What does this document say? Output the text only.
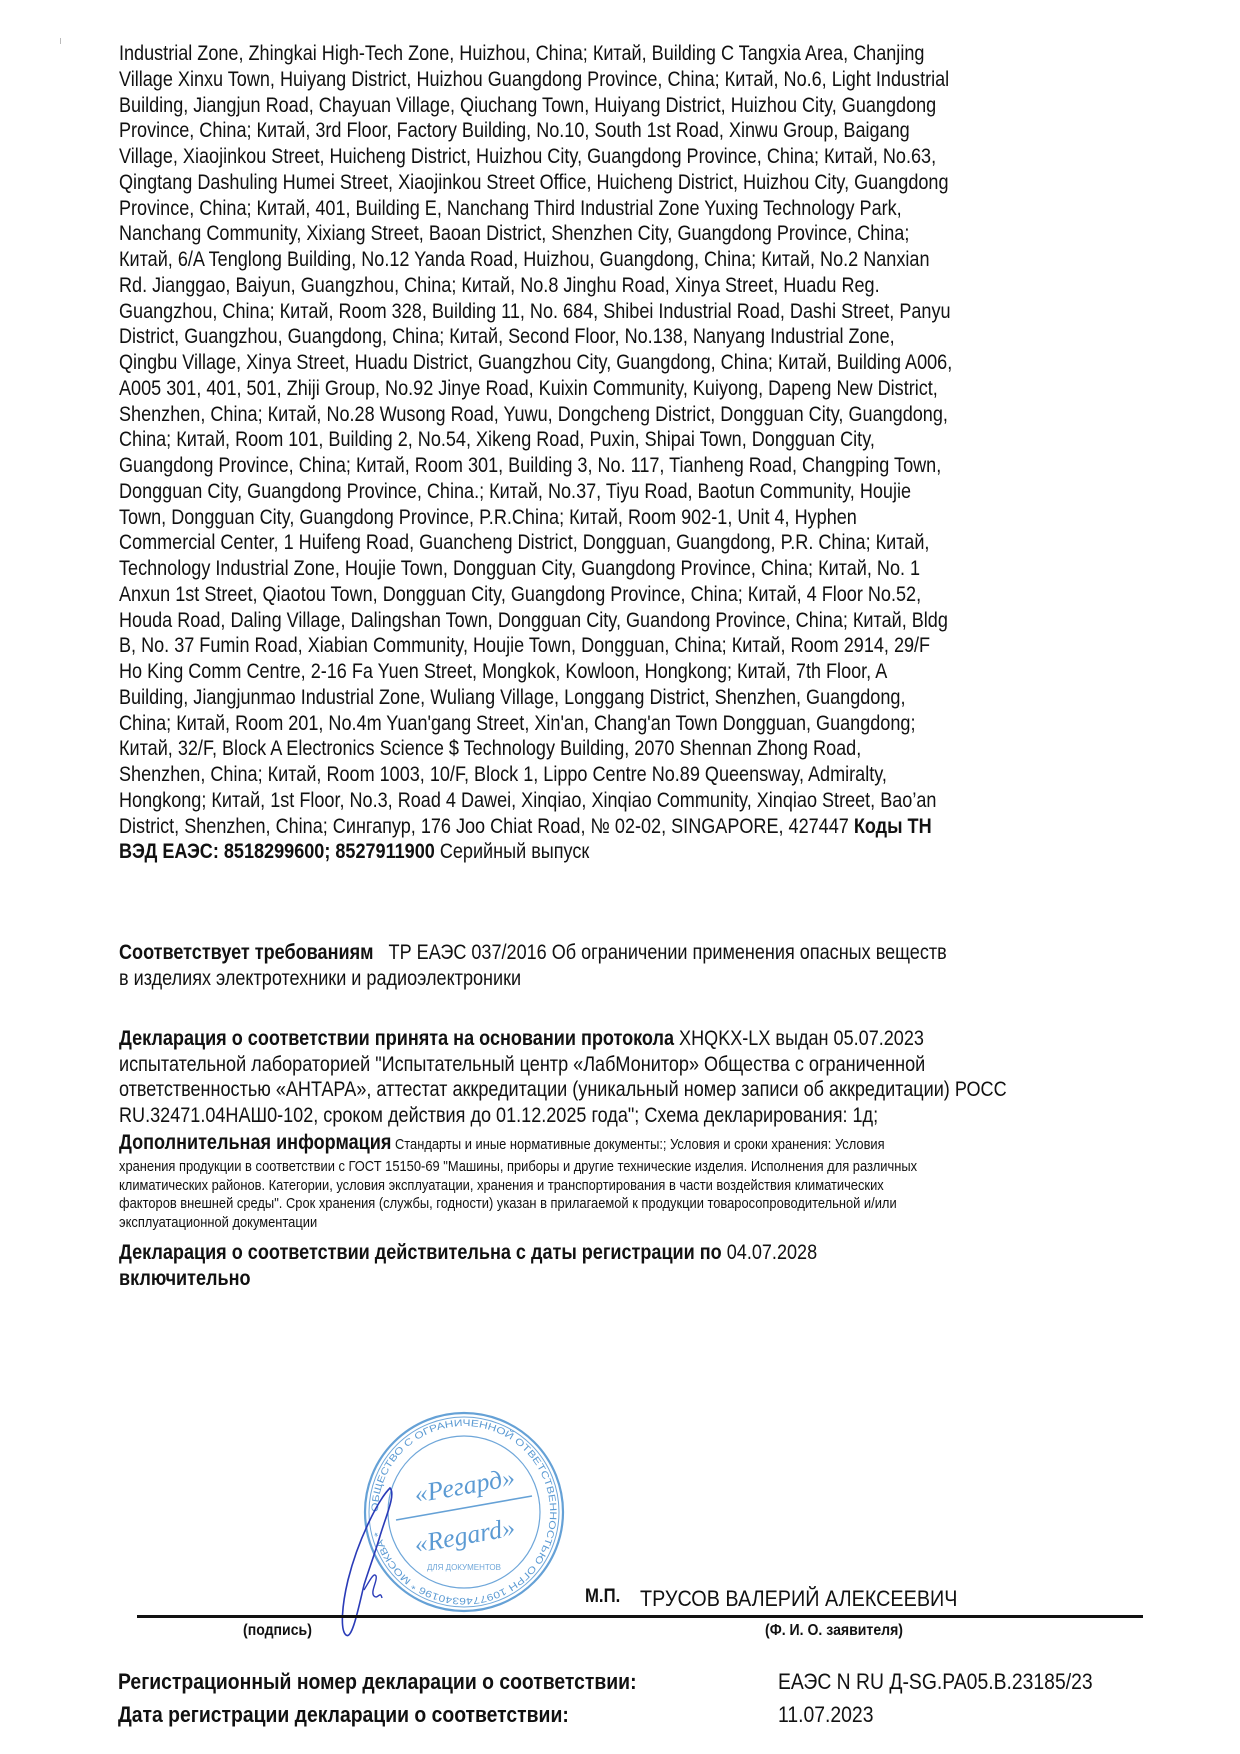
Industrial Zone, Zhingkai High-Tech Zone, Huizhou, China; Китай, Building C Tangxia Area, Chanjing
Village Xinxu Town, Huiyang District, Huizhou Guangdong Province, China; Китай, No.6, Light Industrial
Building, Jiangjun Road, Chayuan Village, Qiuchang Town, Huiyang District, Huizhou City, Guangdong
Province, China; Китай, 3rd Floor, Factory Building, No.10, South 1st Road, Xinwu Group, Baigang
Village, Xiaojinkou Street, Huicheng District, Huizhou City, Guangdong Province, China; Китай, No.63,
Qingtang Dashuling Humei Street, Xiaojinkou Street Office, Huicheng District, Huizhou City, Guangdong
Province, China; Китай, 401, Building E, Nanchang Third Industrial Zone Yuxing Technology Park,
Nanchang Community, Xixiang Street, Baoan District, Shenzhen City, Guangdong Province, China;
Китай, 6/A Tenglong Building, No.12 Yanda Road, Huizhou, Guangdong, China; Китай, No.2 Nanxian
Rd. Jianggao, Baiyun, Guangzhou, China; Китай, No.8 Jinghu Road, Xinya Street, Huadu Reg.
Guangzhou, China; Китай, Room 328, Building 11, No. 684, Shibei Industrial Road, Dashi Street, Panyu
District, Guangzhou, Guangdong, China; Китай, Second Floor, No.138, Nanyang Industrial Zone,
Qingbu Village, Xinya Street, Huadu District, Guangzhou City, Guangdong, China; Китай, Building A006,
A005 301, 401, 501, Zhiji Group, No.92 Jinye Road, Kuixin Community, Kuiyong, Dapeng New District,
Shenzhen, China; Китай, No.28 Wusong Road, Yuwu, Dongcheng District, Dongguan City, Guangdong,
China; Китай, Room 101, Building 2, No.54, Xikeng Road, Puxin, Shipai Town, Dongguan City,
Guangdong Province, China; Китай, Room 301, Building 3, No. 117, Tianheng Road, Changping Town,
Dongguan City, Guangdong Province, China.; Китай, No.37, Tiyu Road, Baotun Community, Houjie
Town, Dongguan City, Guangdong Province, P.R.China; Китай, Room 902-1, Unit 4, Hyphen
Commercial Center, 1 Huifeng Road, Guancheng District, Dongguan, Guangdong, P.R. China; Китай,
Technology Industrial Zone, Houjie Town, Dongguan City, Guangdong Province, China; Китай, No. 1
Anxun 1st Street, Qiaotou Town, Dongguan City, Guangdong Province, China; Китай, 4 Floor No.52,
Houda Road, Daling Village, Dalingshan Town, Dongguan City, Guandong Province, China; Китай, Bldg
B, No. 37 Fumin Road, Xiabian Community, Houjie Town, Dongguan, China; Китай, Room 2914, 29/F
Ho King Comm Centre, 2-16 Fa Yuen Street, Mongkok, Kowloon, Hongkong; Китай, 7th Floor, A
Building, Jiangjunmao Industrial Zone, Wuliang Village, Longgang District, Shenzhen, Guangdong,
China; Китай, Room 201, No.4m Yuan'gang Street, Xin'an, Chang'an Town Dongguan, Guangdong;
Китай, 32/F, Block A Electronics Science $ Technology Building, 2070 Shennan Zhong Road,
Shenzhen, China; Китай, Room 1003, 10/F, Block 1, Lippo Centre No.89 Queensway, Admiralty,
Hongkong; Китай, 1st Floor, No.3, Road 4 Dawei, Xinqiao, Xinqiao Community, Xinqiao Street, Bao’an
District, Shenzhen, China; Сингапур, 176 Joo Chiat Road, № 02-02, SINGAPORE, 427447 Коды ТН
ВЭД ЕАЭС: 8518299600; 8527911900 Серийный выпуск
Соответствует требованиям ТР ЕАЭС 037/2016 Об ограничении применения опасных веществ
в изделиях электротехники и радиоэлектроники
Декларация о соответствии принята на основании протокола XHQKX-LX выдан 05.07.2023
испытательной лабораторией "Испытательный центр «ЛабМонитор» Общества с ограниченной
ответственностью «АНТАРА», аттестат аккредитации (уникальный номер записи об аккредитации) РОСС
RU.32471.04НАШ0-102, сроком действия до 01.12.2025 года"; Схема декларирования: 1д;
Дополнительная информация Стандарты и иные нормативные документы:; Условия и сроки хранения: Условия
хранения продукции в соответствии с ГОСТ 15150-69 "Машины, приборы и другие технические изделия. Исполнения для различных
климатических районов. Категории, условия эксплуатации, хранения и транспортирования в части воздействия климатических
факторов внешней среды". Срок хранения (службы, годности) указан в прилагаемой к продукции товаросопроводительной и/или
эксплуатационной документации
Декларация о соответствии действительна с даты регистрации по 04.07.2028
включительно
ОБЩЕСТВО С ОГРАНИЧЕННОЙ ОТВЕТСТВЕННОСТЬЮ ОГРН 1097746340196 * МОСКВА *
ДЛЯ ДОКУМЕНТОВ
«Регард»
«Regard»
М.П. ТРУСОВ ВАЛЕРИЙ АЛЕКСЕЕВИЧ
(подпись)	(Ф. И. О. заявителя)
Регистрационный номер декларации о соответствии:	ЕАЭС N RU Д-SG.PA05.B.23185/23
Дата регистрации декларации о соответствии:	11.07.2023
